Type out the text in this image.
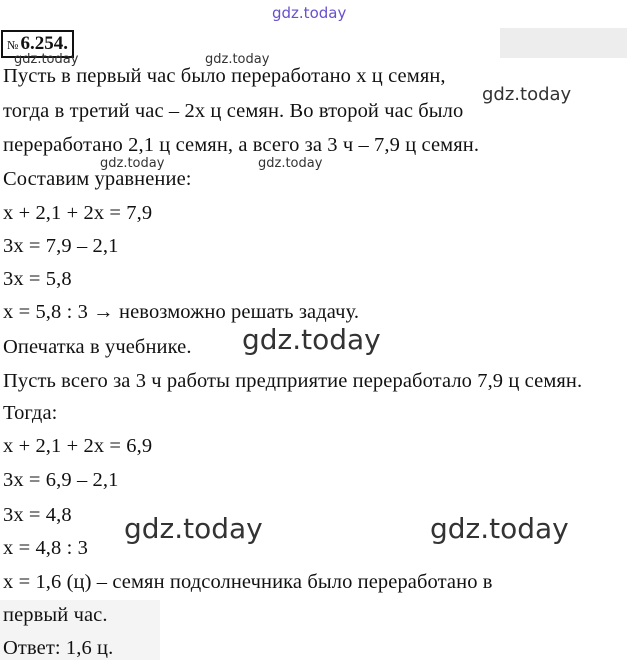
gdz.today
№ 6.254.
gdz.today	gdz.today
Пусть в первый час было переработано x ц семян,
gdz.today
тогда в третий час – 2x ц семян. Во второй час было
переработано 2,1 ц семян, а всего за 3 ч – 7,9 ц семян.
gdz.today	gdz.today
Составим уравнение:
x + 2,1 + 2x = 7,9
3x = 7,9 – 2,1
3x = 5,8
x = 5,8 : 3 → невозможно решать задачу.
Опечатка в учебнике. gdz.today
Пусть всего за 3 ч работы предприятие переработало 7,9 ц семян.
Тогда:
x + 2,1 + 2x = 6,9
3x = 6,9 – 2,1
3x = 4,8 gdz.today	gdz.today
x = 4,8 : 3
x = 1,6 (ц) – семян подсолнечника было переработано в
первый час.
Ответ: 1,6 ц.
